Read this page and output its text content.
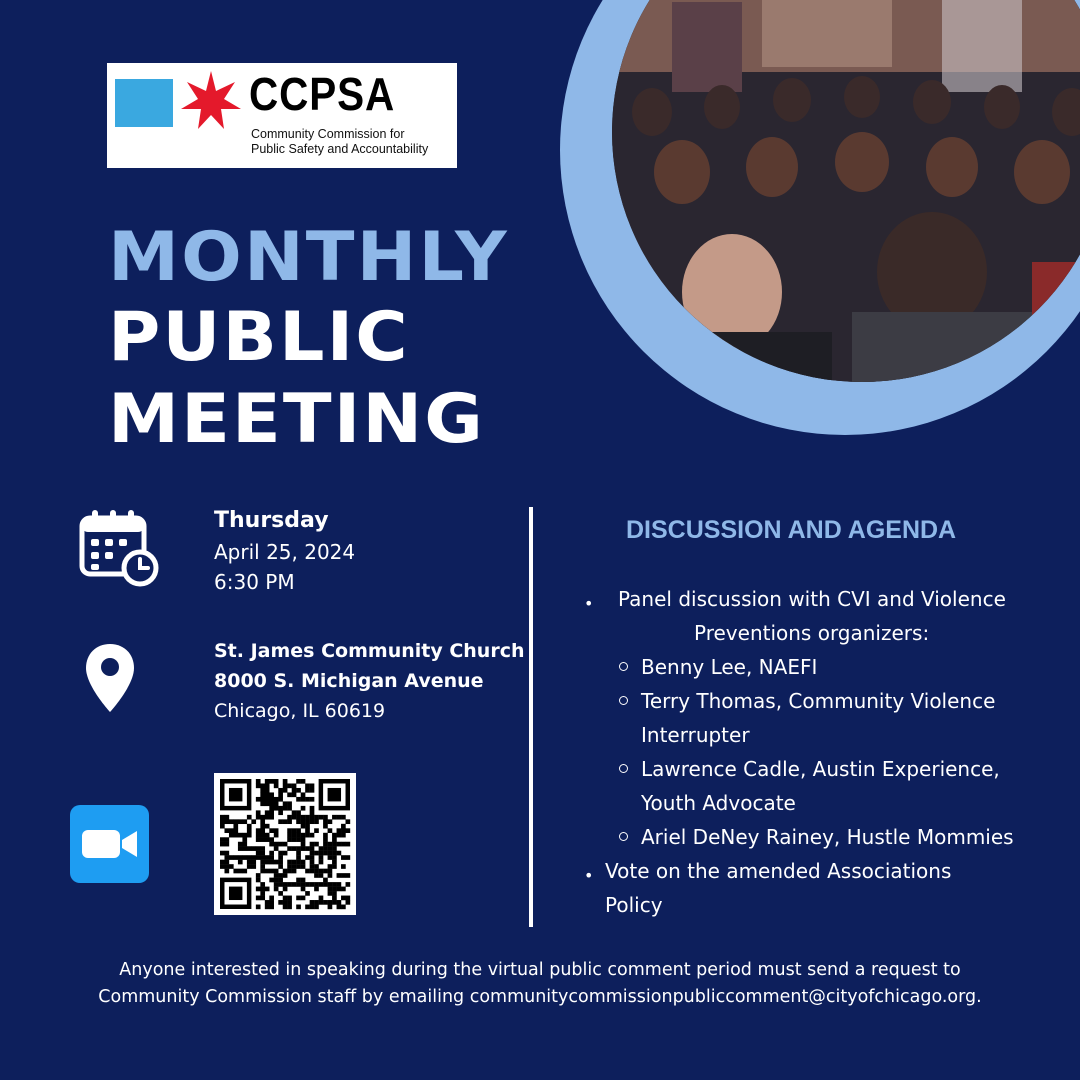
CCPSA
Community Commission for
Public Safety and Accountability
MONTHLY
PUBLIC
MEETING
Thursday
April 25, 2024
6:30 PM
St. James Community Church
8000 S. Michigan Avenue
Chicago, IL 60619
DISCUSSION AND AGENDA
• Panel discussion with CVI and Violence
Preventions organizers:
Benny Lee, NAEFI
Terry Thomas, Community Violence
Interrupter
Lawrence Cadle, Austin Experience,
Youth Advocate
Ariel DeNey Rainey, Hustle Mommies
• Vote on the amended Associations
Policy
Anyone interested in speaking during the virtual public comment period must send a request to
Community Commission staff by emailing communitycommissionpubliccomment@cityofchicago.org.
